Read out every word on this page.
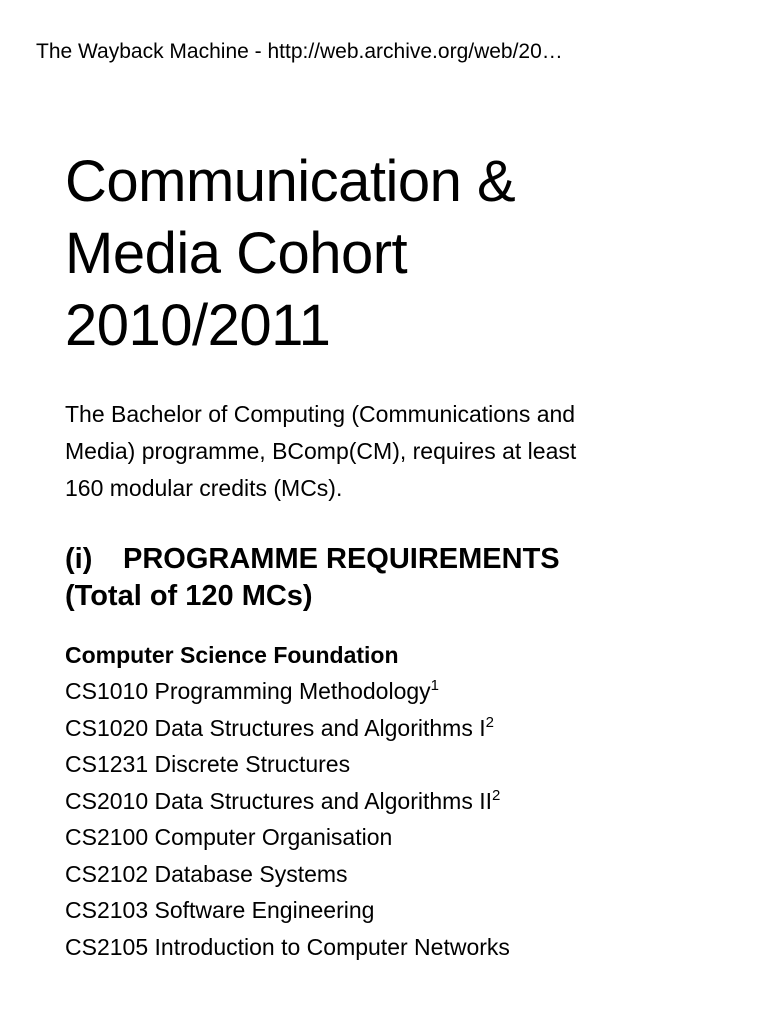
The Wayback Machine - http://web.archive.org/web/20…
Communication &
Media Cohort
2010/2011

The Bachelor of Computing (Communications and
Media) programme, BComp(CM), requires at least
160 modular credits (MCs).

(i) PROGRAMME REQUIREMENTS
(Total of 120 MCs)
Computer Science Foundation
CS1010 Programming Methodology$^1$
CS1020 Data Structures and Algorithms $I^2$
CS1231 Discrete Structures
CS2010 Data Structures and Algorithms $II^2$
CS2100 Computer Organisation
CS2102 Database Systems
CS2103 Software Engineering
CS2105 Introduction to Computer Networks
